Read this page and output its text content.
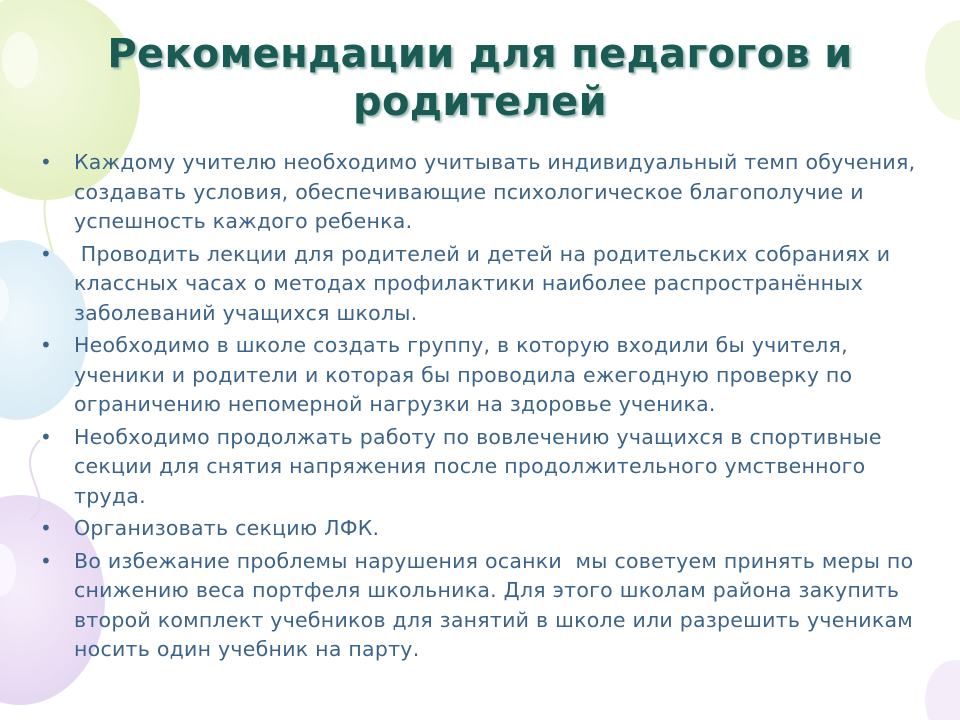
Рекомендации для педагогов и родителей
• Каждому учителю необходимо учитывать индивидуальный темп обучения, создавать условия, обеспечивающие психологическое благополучие и успешность каждого ребенка.
• Проводить лекции для родителей и детей на родительских собраниях и классных часах о методах профилактики наиболее распространённых заболеваний учащихся школы.
• Необходимо в школе создать группу, в которую входили бы учителя, ученики и родители и которая бы проводила ежегодную проверку по ограничению непомерной нагрузки на здоровье ученика.
• Необходимо продолжать работу по вовлечению учащихся в спортивные секции для снятия напряжения после продолжительного умственного труда.
• Организовать секцию ЛФК.
• Во избежание проблемы нарушения осанки  мы советуем принять меры по снижению веса портфеля школьника. Для этого школам района закупить второй комплект учебников для занятий в школе или разрешить ученикам носить один учебник на парту.
